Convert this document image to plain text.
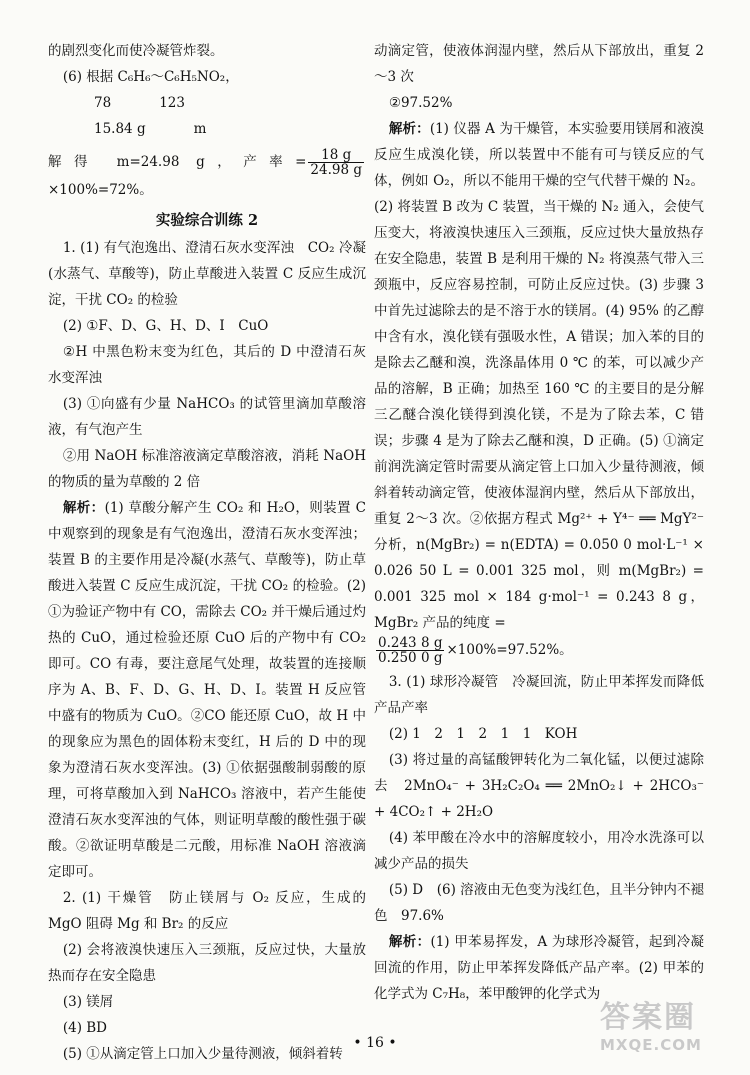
的剧烈变化而使冷凝管炸裂。

(6) 根据 C₆H₆～C₆H₅NO₂，

78	123
15.84 g	m

解得 m=24.98 g，产率= $\frac{18 g}{24.98 g}$
×100%=72%。

实验综合训练 2

1. (1) 有气泡逸出、澄清石灰水变浑浊　CO₂ 冷凝(水蒸气、草酸等)，防止草酸进入装置 C 反应生成沉淀，干扰 CO₂ 的检验

(2) ①F、D、G、H、D、I　CuO

②H 中黑色粉末变为红色，其后的 D 中澄清石灰水变浑浊

(3) ①向盛有少量 NaHCO₃ 的试管里滴加草酸溶液，有气泡产生

②用 NaOH 标准溶液滴定草酸溶液，消耗 NaOH 的物质的量为草酸的 2 倍

解析：(1) 草酸分解产生 CO₂ 和 H₂O，则装置 C 中观察到的现象是有气泡逸出，澄清石灰水变浑浊；装置 B 的主要作用是冷凝(水蒸气、草酸等)，防止草酸进入装置 C 反应生成沉淀，干扰 CO₂ 的检验。(2) ①为验证产物中有 CO，需除去 CO₂ 并干燥后通过灼热的 CuO，通过检验还原 CuO 后的产物中有 CO₂ 即可。CO 有毒，要注意尾气处理，故装置的连接顺序为 A、B、F、D、G、H、D、I。装置 H 反应管中盛有的物质为 CuO。②CO 能还原 CuO，故 H 中的现象应为黑色的固体粉末变红，H 后的 D 中的现象为澄清石灰水变浑浊。(3) ①依据强酸制弱酸的原理，可将草酸加入到 NaHCO₃ 溶液中，若产生能使澄清石灰水变浑浊的气体，则证明草酸的酸性强于碳酸。②欲证明草酸是二元酸，用标准 NaOH 溶液滴定即可。

2. (1) 干燥管　防止镁屑与 O₂ 反应，生成的 MgO 阻碍 Mg 和 Br₂ 的反应

(2) 会将液溴快速压入三颈瓶，反应过快，大量放热而存在安全隐患

(3) 镁屑

(4) BD

(5) ①从滴定管上口加入少量待测液，倾斜着转

动滴定管，使液体润湿内壁，然后从下部放出，重复 2～3 次

②97.52%

解析：(1) 仪器 A 为干燥管，本实验要用镁屑和液溴反应生成溴化镁，所以装置中不能有可与镁反应的气体，例如 O₂，所以不能用干燥的空气代替干燥的 N₂。(2) 将装置 B 改为 C 装置，当干燥的 N₂ 通入，会使气压变大，将液溴快速压入三颈瓶，反应过快大量放热存在安全隐患，装置 B 是利用干燥的 N₂ 将溴蒸气带入三颈瓶中，反应容易控制，可防止反应过快。(3) 步骤 3 中首先过滤除去的是不溶于水的镁屑。(4) 95% 的乙醇中含有水，溴化镁有强吸水性，A 错误；加入苯的目的是除去乙醚和溴，洗涤晶体用 0 ℃ 的苯，可以减少产品的溶解，B 正确；加热至 160 ℃ 的主要目的是分解三乙醚合溴化镁得到溴化镁，不是为了除去苯，C 错误；步骤 4 是为了除去乙醚和溴，D 正确。(5) ①滴定前润洗滴定管时需要从滴定管上口加入少量待测液，倾斜着转动滴定管，使液体湿润内壁，然后从下部放出，重复 2～3 次。②依据方程式 Mg²⁺ + Y⁴⁻ ══ MgY²⁻ 分析，n(MgBr₂) = n(EDTA) = 0.050 0 mol·L⁻¹ × 0.026 50 L = 0.001 325 mol，则 m(MgBr₂) = 0.001 325 mol × 184 g·mol⁻¹ = 0.243 8 g，MgBr₂ 产品的纯度 =

$\frac{0.243 8 g}{0.250 0 g} \times 100\%=97.52\%$。

3. (1) 球形冷凝管　冷凝回流，防止甲苯挥发而降低产品产率

(2) 1　2　1　2　1　1　KOH

(3) 将过量的高锰酸钾转化为二氧化锰，以便过滤除去　2MnO₄⁻ + 3H₂C₂O₄ ══ 2MnO₂↓ + 2HCO₃⁻ + 4CO₂↑ + 2H₂O

(4) 苯甲酸在冷水中的溶解度较小，用冷水洗涤可以减少产品的损失

(5) D　(6) 溶液由无色变为浅红色，且半分钟内不褪色　97.6%

解析：(1) 甲苯易挥发，A 为球形冷凝管，起到冷凝回流的作用，防止甲苯挥发降低产品产率。(2) 甲苯的化学式为 C₇H₈，苯甲酸钾的化学式为

• 16 •
答案圈
MXQE.COM
